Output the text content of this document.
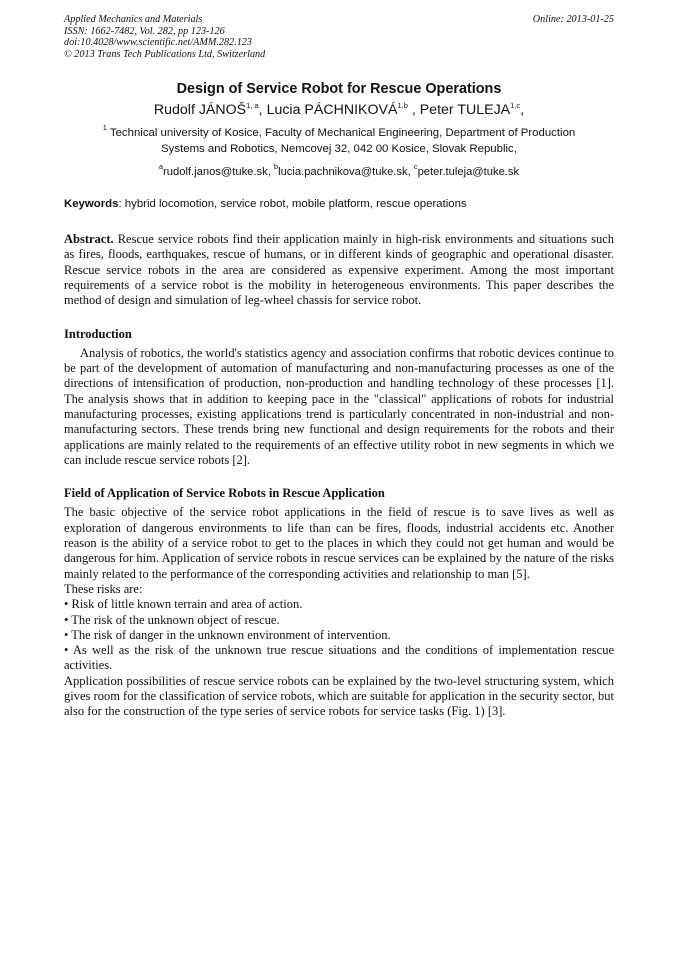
Applied Mechanics and Materials
ISSN: 1662-7482, Vol. 282, pp 123-126
doi:10.4028/www.scientific.net/AMM.282.123
© 2013 Trans Tech Publications Ltd, Switzerland
Online: 2013-01-25
Design of Service Robot for Rescue Operations
Rudolf JÁNOŠ$^{1, a}$, Lucia PÁCHNIKOVÁ$^{1,b}$ , Peter TULEJA$^{1,c}$,
$^1$ Technical university of Kosice, Faculty of Mechanical Engineering, Department of Production
Systems and Robotics, Nemcovej 32, 042 00 Kosice, Slovak Republic,
$^a$rudolf.janos@tuke.sk, $^b$lucia.pachnikova@tuke.sk, $^c$peter.tuleja@tuke.sk
Keywords: hybrid locomotion, service robot, mobile platform, rescue operations

Abstract. Rescue service robots find their application mainly in high-risk environments and situations such as fires, floods, earthquakes, rescue of humans, or in different kinds of geographic and operational disaster. Rescue service robots in the area are considered as expensive experiment. Among the most important requirements of a service robot is the mobility in heterogeneous environments. This paper describes the method of design and simulation of leg-wheel chassis for service robot.

Introduction

Analysis of robotics, the world's statistics agency and association confirms that robotic devices continue to be part of the development of automation of manufacturing and non-manufacturing processes as one of the directions of intensification of production, non-production and handling technology of these processes [1]. The analysis shows that in addition to keeping pace in the "classical" applications of robots for industrial manufacturing processes, existing applications trend is particularly concentrated in non-industrial and non-manufacturing sectors. These trends bring new functional and design requirements for the robots and their applications are mainly related to the requirements of an effective utility robot in new segments in which we can include rescue service robots [2].

Field of Application of Service Robots in Rescue Application

The basic objective of the service robot applications in the field of rescue is to save lives as well as exploration of dangerous environments to life than can be fires, floods, industrial accidents etc. Another reason is the ability of a service robot to get to the places in which they could not get human and would be dangerous for him. Application of service robots in rescue services can be explained by the nature of the risks mainly related to the performance of the corresponding activities and relationship to man [5].

These risks are:

• Risk of little known terrain and area of action.
• The risk of the unknown object of rescue.
• The risk of danger in the unknown environment of intervention.
• As well as the risk of the unknown true rescue situations and the conditions of implementation rescue activities.

Application possibilities of rescue service robots can be explained by the two-level structuring system, which gives room for the classification of service robots, which are suitable for application in the security sector, but also for the construction of the type series of service robots for service tasks (Fig. 1) [3].
